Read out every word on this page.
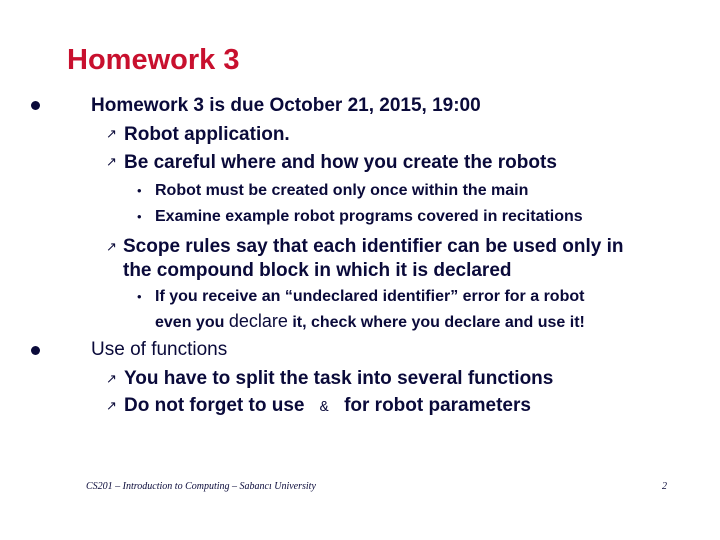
Homework 3
Homework 3 is due October 21, 2015, 19:00
↗ Robot application.
↗ Be careful where and how you create the robots
• Robot must be created only once within the main
• Examine example robot programs covered in recitations
↗ Scope rules say that each identifier can be used only in
the compound block in which it is declared
• If you receive an “undeclared identifier” error for a robot
even you declare it, check where you declare and use it!
Use of functions
↗ You have to split the task into several functions
↗ Do not forget to use & for robot parameters
CS201 – Introduction to Computing – Sabancı University	2
